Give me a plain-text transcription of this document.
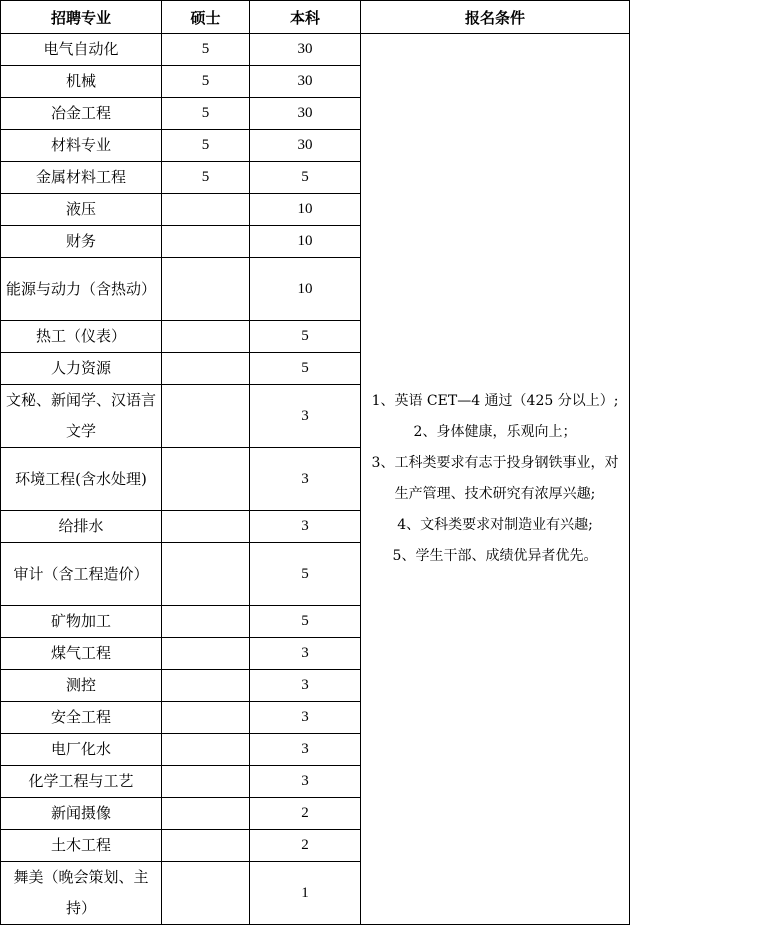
招聘专业	硕士	本科	报名条件
电气自动化	5	30	1、英语 CET—4 通过（425 分以上）;
2、身体健康，乐观向上；
3、工科类要求有志于投身钢铁事业，对生产管理、技术研究有浓厚兴趣;
4、文科类要求对制造业有兴趣;
5、学生干部、成绩优异者优先。

机械	5	30	
冶金工程	5	30	
材料专业	5	30	
金属材料工程	5	5	
液压		10	
财务		10	
能源与动力（含热动）		10	
热工（仪表）		5	
人力资源		5	
文秘、新闻学、汉语言文学		3	
环境工程(含水处理)		3	
给排水		3	
审计（含工程造价）		5	
矿物加工		5	
煤气工程		3	
测控		3	
安全工程		3	
电厂化水		3	
化学工程与工艺		3	
新闻摄像		2	
土木工程		2	
舞美（晚会策划、主持）		1	
